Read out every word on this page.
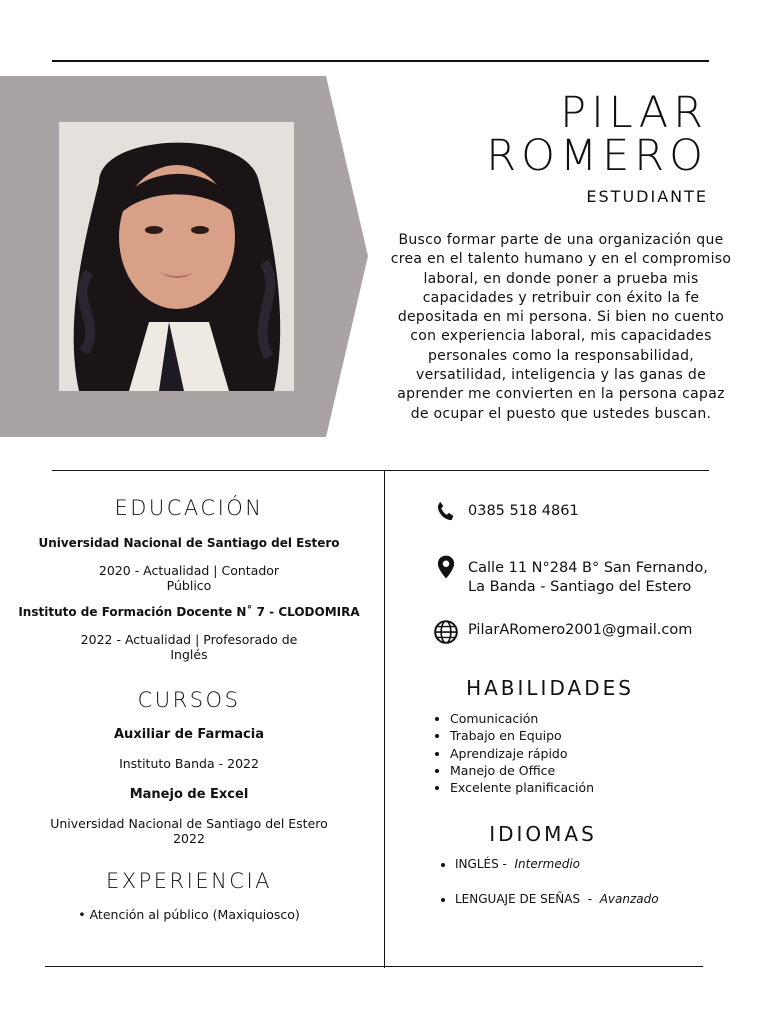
PILAR
ROMERO
ESTUDIANTE
Busco formar parte de una organización que crea en el talento humano y en el compromiso laboral, en donde poner a prueba mis capacidades y retribuir con éxito la fe depositada en mi persona. Si bien no cuento con experiencia laboral, mis capacidades personales como la responsabilidad, versatilidad, inteligencia y las ganas de aprender me convierten en la persona capaz de ocupar el puesto que ustedes buscan.
EDUCACIÓN
Universidad Nacional de Santiago del Estero
2020 - Actualidad | Contador
Público
Instituto de Formación Docente N˚ 7 - CLODOMIRA
2022 - Actualidad | Profesorado de
Inglés
CURSOS
Auxiliar de Farmacia
Instituto Banda - 2022
Manejo de Excel
Universidad Nacional de Santiago del Estero
2022
EXPERIENCIA
• Atención al público (Maxiquiosco)
0385 518 4861
Calle 11 N°284 B° San Fernando,
La Banda - Santiago del Estero
PilarARomero2001@gmail.com
HABILIDADES
• Comunicación
• Trabajo en Equipo
• Aprendizaje rápido
• Manejo de Office
• Excelente planificación
IDIOMAS
• INGLÉS -  Intermedio
• LENGUAJE DE SEÑAS  -  Avanzado
